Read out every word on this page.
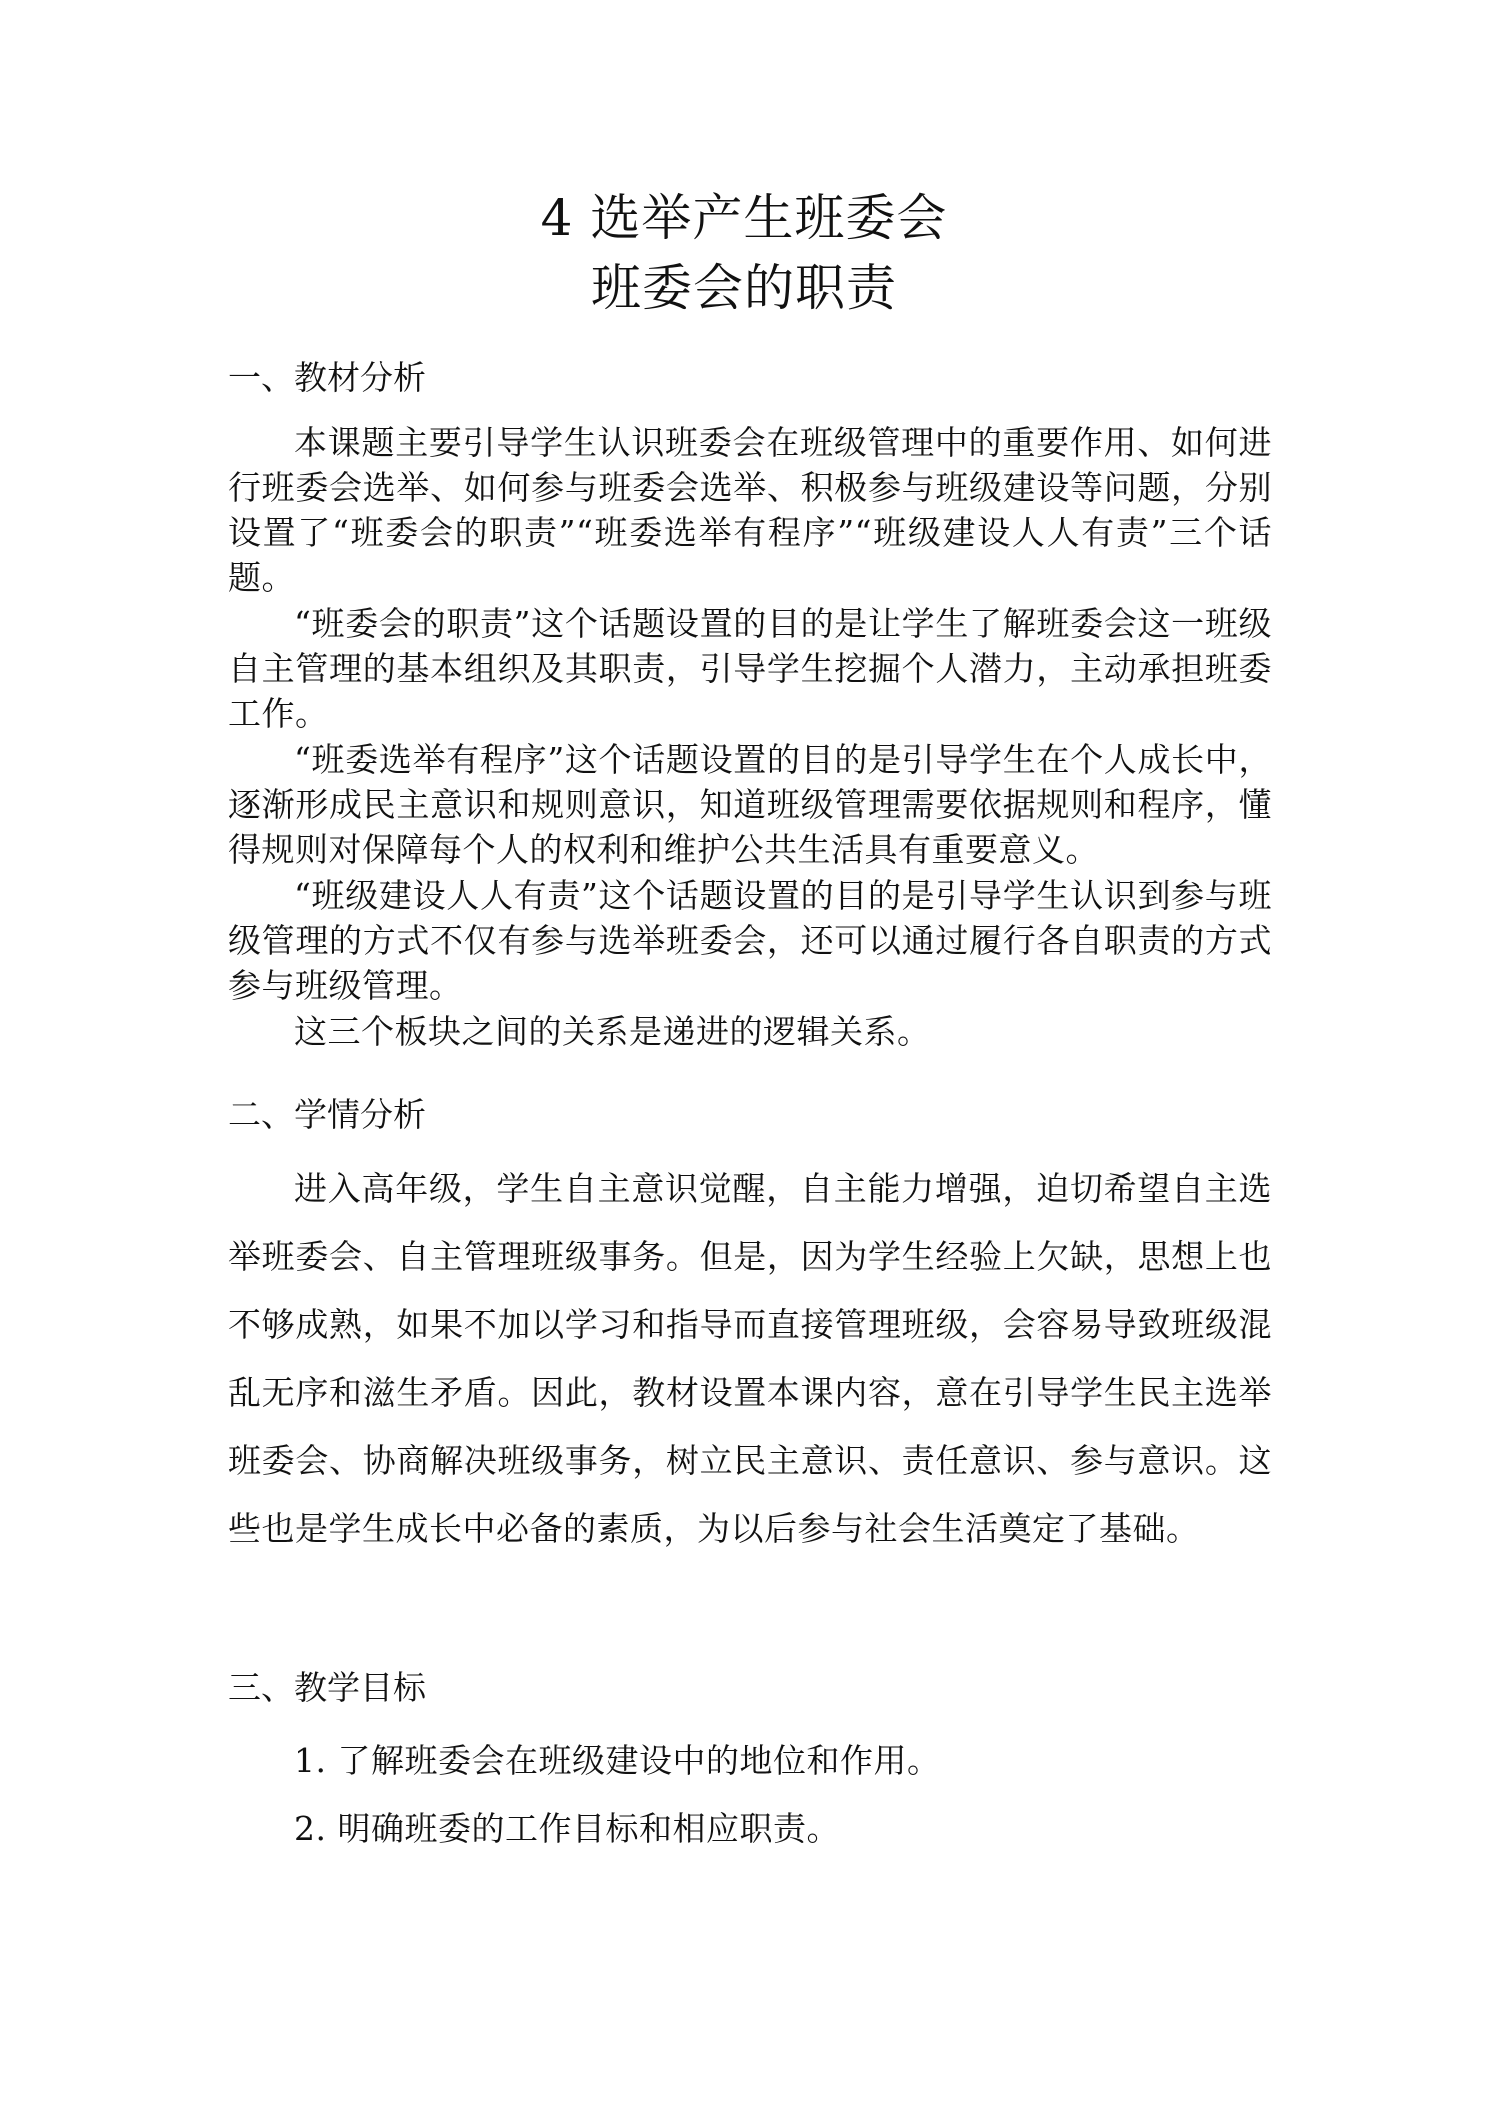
4 选举产生班委会
班委会的职责
一、教材分析

本课题主要引导学生认识班委会在班级管理中的重要作用、如何进行班委会选举、如何参与班委会选举、积极参与班级建设等问题，分别设置了“班委会的职责”“班委选举有程序”“班级建设人人有责”三个话题。

“班委会的职责”这个话题设置的目的是让学生了解班委会这一班级自主管理的基本组织及其职责，引导学生挖掘个人潜力，主动承担班委工作。

“班委选举有程序”这个话题设置的目的是引导学生在个人成长中，逐渐形成民主意识和规则意识，知道班级管理需要依据规则和程序，懂得规则对保障每个人的权利和维护公共生活具有重要意义。

“班级建设人人有责”这个话题设置的目的是引导学生认识到参与班级管理的方式不仅有参与选举班委会，还可以通过履行各自职责的方式参与班级管理。

这三个板块之间的关系是递进的逻辑关系。

二、学情分析

进入高年级，学生自主意识觉醒，自主能力增强，迫切希望自主选举班委会、自主管理班级事务。但是，因为学生经验上欠缺，思想上也不够成熟，如果不加以学习和指导而直接管理班级，会容易导致班级混乱无序和滋生矛盾。因此，教材设置本课内容，意在引导学生民主选举班委会、协商解决班级事务，树立民主意识、责任意识、参与意识。这些也是学生成长中必备的素质，为以后参与社会生活奠定了基础。

三、教学目标

1. 了解班委会在班级建设中的地位和作用。

2. 明确班委的工作目标和相应职责。
